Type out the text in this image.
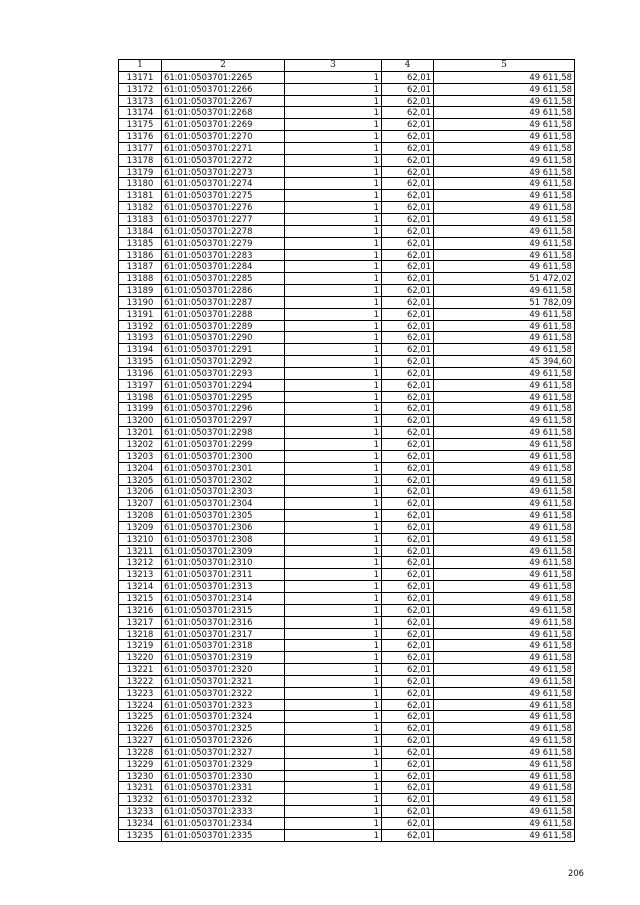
1	2	3	4	5
13171	61:01:0503701:2265	1	62,01	49 611,58
13172	61:01:0503701:2266	1	62,01	49 611,58
13173	61:01:0503701:2267	1	62,01	49 611,58
13174	61:01:0503701:2268	1	62,01	49 611,58
13175	61:01:0503701:2269	1	62,01	49 611,58
13176	61:01:0503701:2270	1	62,01	49 611,58
13177	61:01:0503701:2271	1	62,01	49 611,58
13178	61:01:0503701:2272	1	62,01	49 611,58
13179	61:01:0503701:2273	1	62,01	49 611,58
13180	61:01:0503701:2274	1	62,01	49 611,58
13181	61:01:0503701:2275	1	62,01	49 611,58
13182	61:01:0503701:2276	1	62,01	49 611,58
13183	61:01:0503701:2277	1	62,01	49 611,58
13184	61:01:0503701:2278	1	62,01	49 611,58
13185	61:01:0503701:2279	1	62,01	49 611,58
13186	61:01:0503701:2283	1	62,01	49 611,58
13187	61:01:0503701:2284	1	62,01	49 611,58
13188	61:01:0503701:2285	1	62,01	51 472,02
13189	61:01:0503701:2286	1	62,01	49 611,58
13190	61:01:0503701:2287	1	62,01	51 782,09
13191	61:01:0503701:2288	1	62,01	49 611,58
13192	61:01:0503701:2289	1	62,01	49 611,58
13193	61:01:0503701:2290	1	62,01	49 611,58
13194	61:01:0503701:2291	1	62,01	49 611,58
13195	61:01:0503701:2292	1	62,01	45 394,60
13196	61:01:0503701:2293	1	62,01	49 611,58
13197	61:01:0503701:2294	1	62,01	49 611,58
13198	61:01:0503701:2295	1	62,01	49 611,58
13199	61:01:0503701:2296	1	62,01	49 611,58
13200	61:01:0503701:2297	1	62,01	49 611,58
13201	61:01:0503701:2298	1	62,01	49 611,58
13202	61:01:0503701:2299	1	62,01	49 611,58
13203	61:01:0503701:2300	1	62,01	49 611,58
13204	61:01:0503701:2301	1	62,01	49 611,58
13205	61:01:0503701:2302	1	62,01	49 611,58
13206	61:01:0503701:2303	1	62,01	49 611,58
13207	61:01:0503701:2304	1	62,01	49 611,58
13208	61:01:0503701:2305	1	62,01	49 611,58
13209	61:01:0503701:2306	1	62,01	49 611,58
13210	61:01:0503701:2308	1	62,01	49 611,58
13211	61:01:0503701:2309	1	62,01	49 611,58
13212	61:01:0503701:2310	1	62,01	49 611,58
13213	61:01:0503701:2311	1	62,01	49 611,58
13214	61:01:0503701:2313	1	62,01	49 611,58
13215	61:01:0503701:2314	1	62,01	49 611,58
13216	61:01:0503701:2315	1	62,01	49 611,58
13217	61:01:0503701:2316	1	62,01	49 611,58
13218	61:01:0503701:2317	1	62,01	49 611,58
13219	61:01:0503701:2318	1	62,01	49 611,58
13220	61:01:0503701:2319	1	62,01	49 611,58
13221	61:01:0503701:2320	1	62,01	49 611,58
13222	61:01:0503701:2321	1	62,01	49 611,58
13223	61:01:0503701:2322	1	62,01	49 611,58
13224	61:01:0503701:2323	1	62,01	49 611,58
13225	61:01:0503701:2324	1	62,01	49 611,58
13226	61:01:0503701:2325	1	62,01	49 611,58
13227	61:01:0503701:2326	1	62,01	49 611,58
13228	61:01:0503701:2327	1	62,01	49 611,58
13229	61:01:0503701:2329	1	62,01	49 611,58
13230	61:01:0503701:2330	1	62,01	49 611,58
13231	61:01:0503701:2331	1	62,01	49 611,58
13232	61:01:0503701:2332	1	62,01	49 611,58
13233	61:01:0503701:2333	1	62,01	49 611,58
13234	61:01:0503701:2334	1	62,01	49 611,58
13235	61:01:0503701:2335	1	62,01	49 611,58
206
